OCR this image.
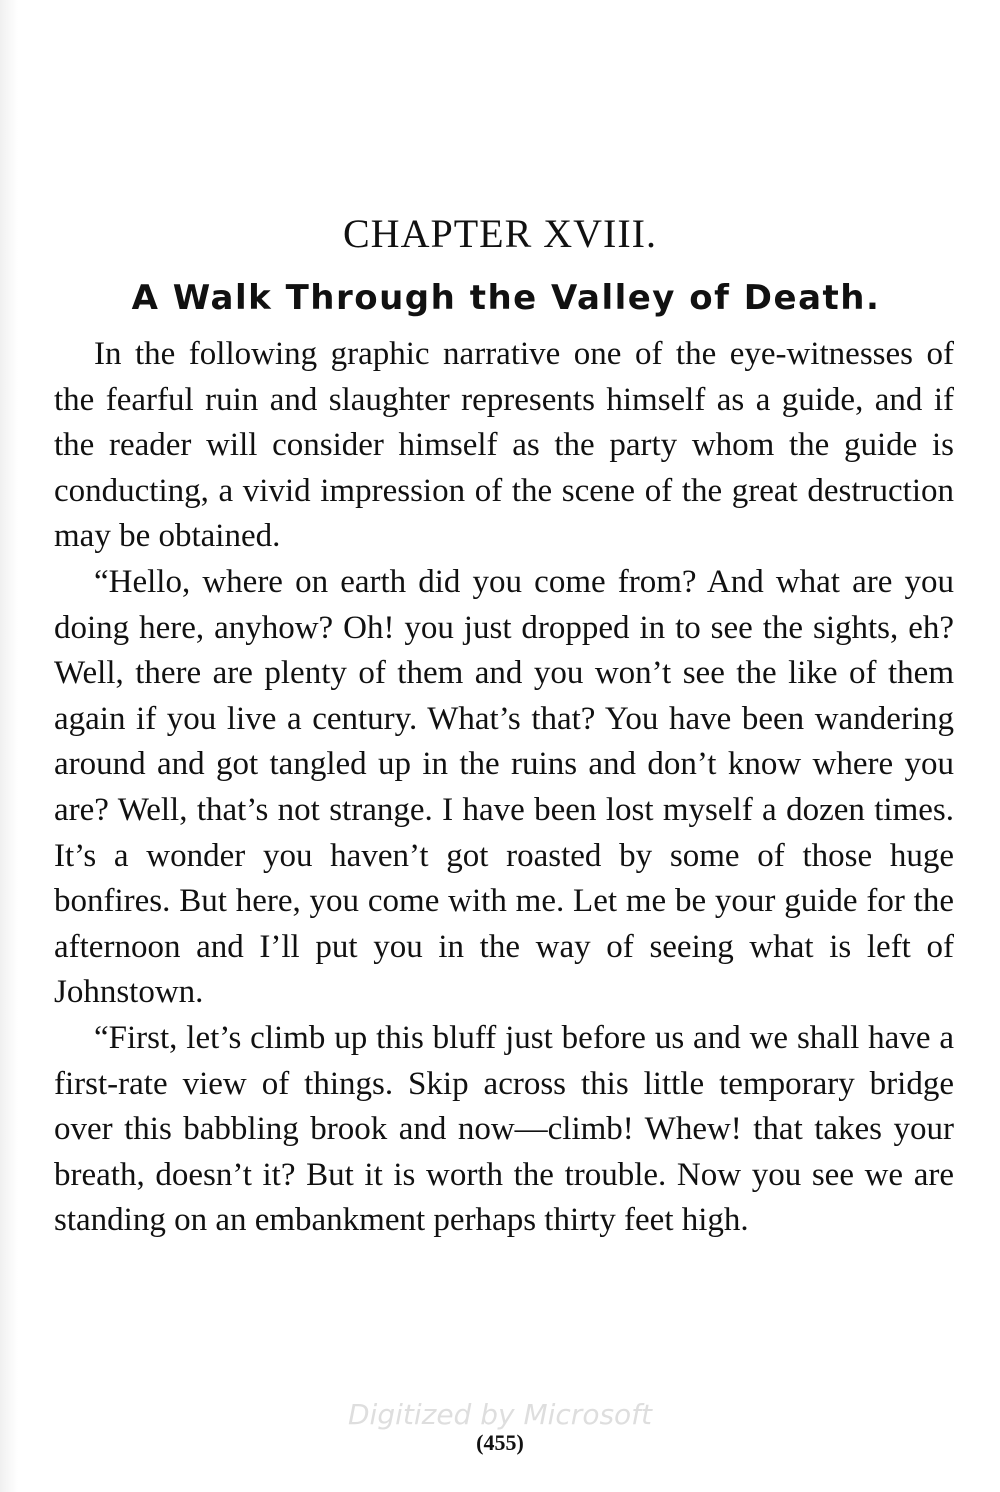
CHAPTER XVIII.
A Walk Through the Valley of Death.

In the following graphic narrative one of the eye-witnesses of the fearful ruin and slaughter represents himself as a guide, and if the reader will consider himself as the party whom the guide is conducting, a vivid impression of the scene of the great destruction may be obtained.

“Hello, where on earth did you come from? And what are you doing here, anyhow? Oh! you just dropped in to see the sights, eh? Well, there are plenty of them and you won’t see the like of them again if you live a century. What’s that? You have been wandering around and got tangled up in the ruins and don’t know where you are? Well, that’s not strange. I have been lost myself a dozen times. It’s a wonder you haven’t got roasted by some of those huge bonfires. But here, you come with me. Let me be your guide for the afternoon and I’ll put you in the way of seeing what is left of Johnstown.

“First, let’s climb up this bluff just before us and we shall have a first-rate view of things. Skip across this little temporary bridge over this babbling brook and now—climb! Whew! that takes your breath, doesn’t it? But it is worth the trouble. Now you see we are standing on an embankment perhaps thirty feet high.

Digitized by Microsoft
(455)
